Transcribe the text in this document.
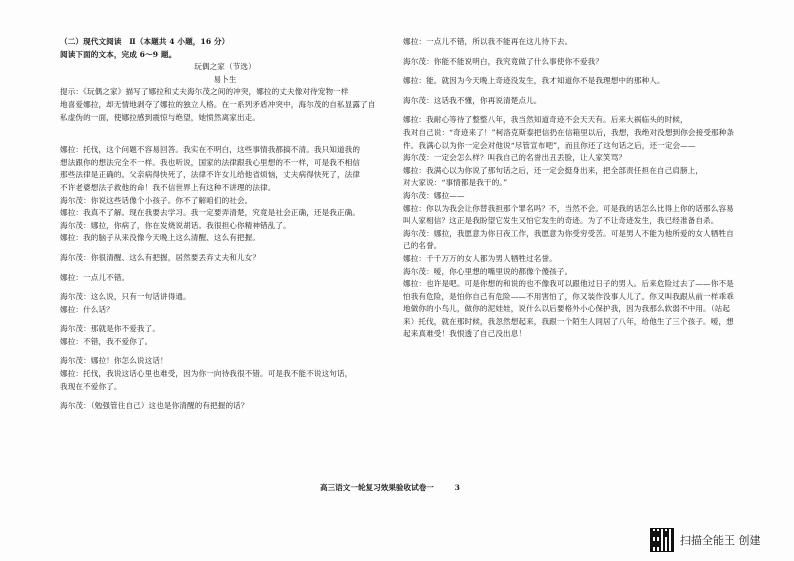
（二）现代文阅读　Ⅱ（本题共 4 小题，16 分）
阅读下面的文本，完成 6～9 题。
玩偶之家（节选）
易卜生
提示：《玩偶之家》描写了娜拉和丈夫海尔茂之间的冲突，娜拉的丈夫像对待宠物一样
地喜爱娜拉，却无情地剥夺了娜拉的独立人格。在一系列矛盾冲突中，海尔茂的自私显露了自
私虚伪的一面，使娜拉感到震惊与绝望，她愤然离家出走。
娜拉：托伐，这个问题不容易回答。我实在不明白，这些事情我都搞不清。我只知道我的
想法跟你的想法完全不一样。我也听说，国家的法律跟我心里想的不一样，可是我不相信
那些法律是正确的。父亲病得快死了，法律不许女儿给他省烦恼，丈夫病得快死了，法律
不许老婆想法子救他的命！我不信世界上有这种不讲理的法律。
海尔茂：你说这些话像个小孩子。你不了解咱们的社会。
娜拉：我真不了解。现在我要去学习。我一定要弄清楚，究竟是社会正确，还是我正确。
海尔茂：娜拉，你病了，你在发烧说胡话。我很担心你精神错乱了。
娜拉：我的脑子从来没像今天晚上这么清醒、这么有把握。
海尔茂：你很清醒、这么有把握，居然要丢弃丈夫和儿女？
娜拉：一点儿不错。
海尔茂：这么说，只有一句话讲得通。
娜拉：什么话？
海尔茂：那就是你不爱我了。
娜拉：不错，我不爱你了。
海尔茂：娜拉！你怎么说这话！
娜拉：托伐，我说这话心里也难受，因为你一向待我很不错。可是我不能不说这句话，
我现在不爱你了。
海尔茂：（勉强管住自己）这也是你清醒的有把握的话？
娜拉：一点儿不错，所以我不能再在这儿待下去。
海尔茂：你能不能说明白，我究竟做了什么事使你不爱我？
娜拉：能。就因为今天晚上奇迹没发生，我才知道你不是我理想中的那种人。
海尔茂：这话我不懂，你再说清楚点儿。
娜拉：我耐心等待了整整八年，我当然知道奇迹不会天天有。后来大祸临头的时候，
我对自己说：“奇迹来了！”柯洛克斯泰把信扔在信箱里以后，我想，我绝对没想到你会接受那种条件。我满心以为你一定会对他说“尽管宣布吧”，而且你还了这句话之后，还一定会——
海尔茂：一定会怎么样？叫我自己的名誉出丑丢脸，让人家笑骂？
娜拉：我满心以为你说了那句话之后，还一定会挺身出来，把全部责任担在自己肩膀上，
对大家说：“事情都是我干的。”
海尔茂：娜拉——
娜拉：你以为我会让你替我担那个罪名吗？不，当然不会。可是我的话怎么比得上你的话那么容易叫人家相信？这正是我盼望它发生又怕它发生的奇迹。为了不让奇迹发生，我已经准备自杀。
海尔茂：娜拉，我愿意为你日夜工作，我愿意为你受穷受苦。可是男人不能为他所爱的女人牺牲自己的名誉。
娜拉：千千万万的女人都为男人牺牲过名誉。
海尔茂：嗳，你心里想的嘴里说的都像个傻孩子。
娜拉：也许是吧。可是你想的和说的也不像我可以跟他过日子的男人。后来危险过去了——你不是怕我有危险，是怕你自己有危险——不用害怕了，你又装作没事人儿了。你又叫我跟从前一样乖乖地做你的小鸟儿，做你的泥娃娃，说什么以后要格外小心保护我，因为我那么软弱不中用。（站起来）托伐，就在那时候，我忽然想起来，我跟一个陌生人同居了八年，给他生了三个孩子。嗳，想起来真难受！我恨透了自己没出息！
高三语文一轮复习效果验收试卷一	3
扫描全能王 创建
